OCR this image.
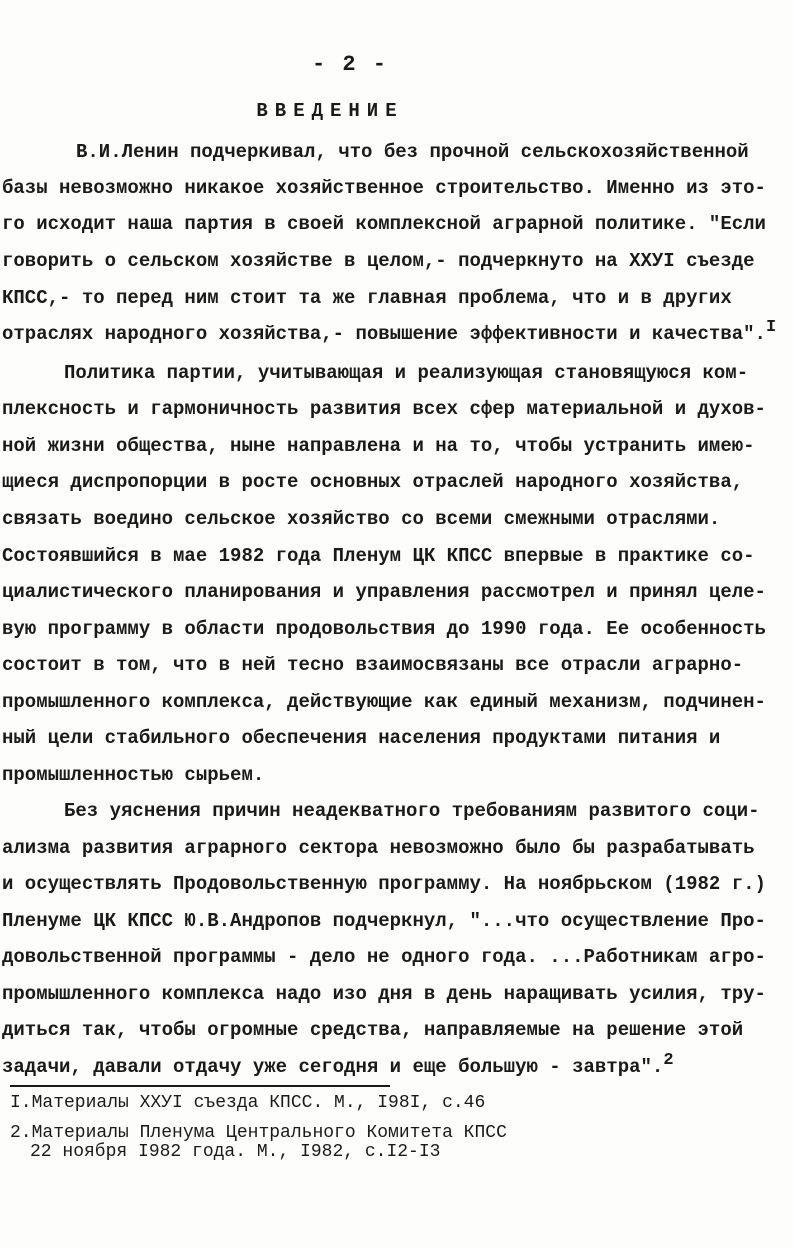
- 2 -
ВВЕДЕНИЕ
В.И.Ленин подчеркивал, что без прочной сельскохозяйственной
базы невозможно никакое хозяйственное строительство. Именно из это-
го исходит наша партия в своей комплексной аграрной политике. "Если
говорить о сельском хозяйстве в целом,- подчеркнуто на XXУI съезде
КПСС,- то перед ним стоит та же главная проблема, что и в других
отраслях народного хозяйства,- повышение эффективности и качества".$^I$
Политика партии, учитывающая и реализующая становящуюся ком-
плексность и гармоничность развития всех сфер материальной и духов-
ной жизни общества, ныне направлена и на то, чтобы устранить имею-
щиеся диспропорции в росте основных отраслей народного хозяйства,
связать воедино сельское хозяйство со всеми смежными отраслями.
Состоявшийся в мае 1982 года Пленум ЦК КПСС впервые в практике со-
циалистического планирования и управления рассмотрел и принял целе-
вую программу в области продовольствия до 1990 года. Ее особенность
состоит в том, что в ней тесно взаимосвязаны все отрасли аграрно-
промышленного комплекса, действующие как единый механизм, подчинен-
ный цели стабильного обеспечения населения продуктами питания и
промышленностью сырьем.
Без уяснения причин неадекватного требованиям развитого соци-
ализма развития аграрного сектора невозможно было бы разрабатывать
и осуществлять Продовольственную программу. На ноябрьском (1982 г.)
Пленуме ЦК КПСС Ю.В.Андропов подчеркнул, "...что осуществление Про-
довольственной программы - дело не одного года. ...Работникам агро-
промышленного комплекса надо изо дня в день наращивать усилия, тру-
диться так, чтобы огромные средства, направляемые на решение этой
задачи, давали отдачу уже сегодня и еще большую - завтра".$^2$
I.Материалы XXУI съезда КПСС. М., I98I, с.46
2.Материалы Пленума Центрального Комитета КПСС
22 ноября I982 года. М., I982, с.I2-I3
